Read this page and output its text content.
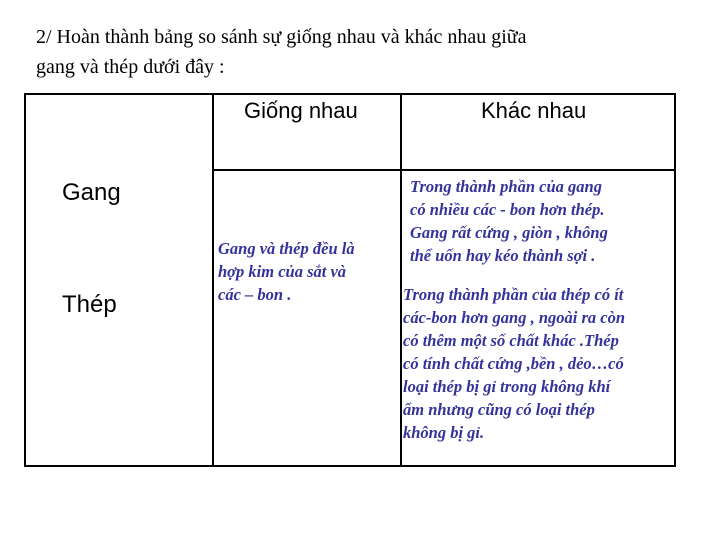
2/ Hoàn thành bảng so sánh sự giống nhau và khác nhau giữa
gang và thép dưới đây :
Giống nhau	Khác nhau
Gang
Thép
Gang và thép đều là
hợp kim của sắt và
các – bon .
Trong thành phần của gang
có nhiều các - bon hơn thép.
Gang rất cứng , giòn , không
thể uốn hay kéo thành sợi .
Trong thành phần của thép có ít
các-bon hơn gang , ngoài ra còn
có thêm một số chất khác .Thép
có tính chất cứng ,bền , dẻo…có
loại thép bị gỉ trong không khí
ẩm nhưng cũng có loại thép
không bị gỉ.
